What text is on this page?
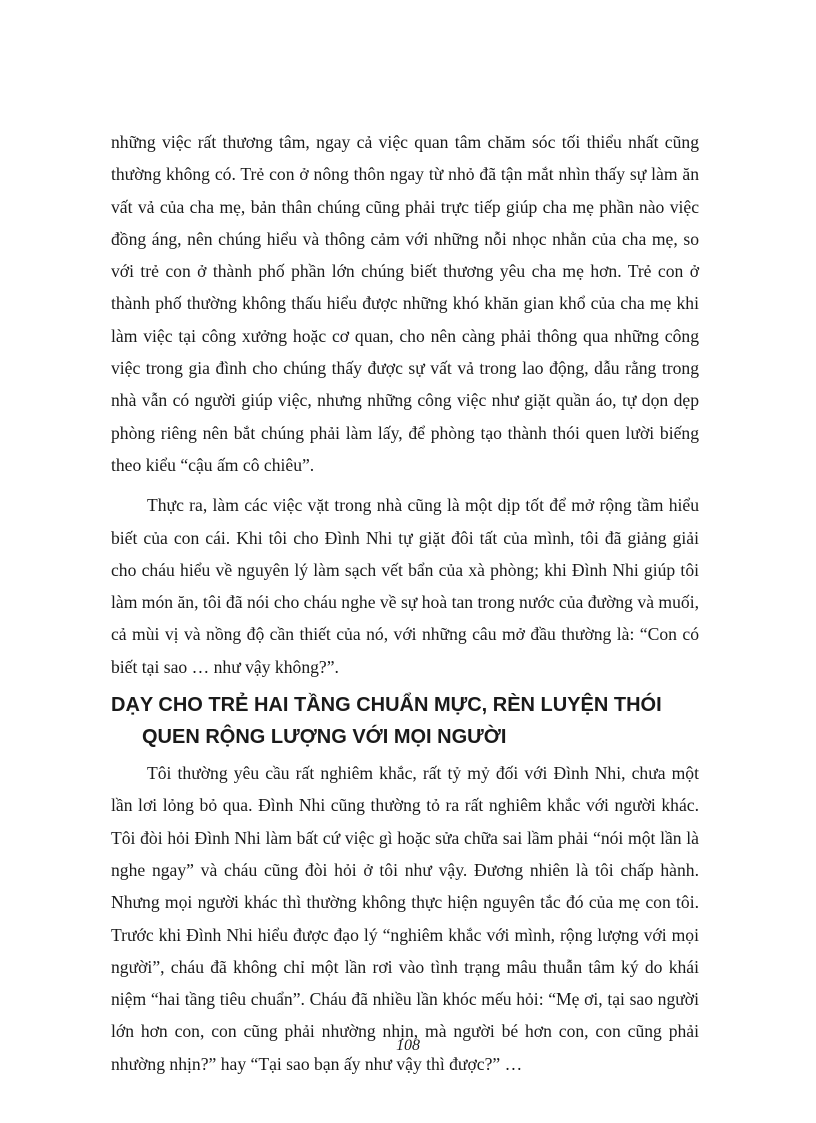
những việc rất thương tâm, ngay cả việc quan tâm chăm sóc tối thiểu nhất cũng thường không có. Trẻ con ở nông thôn ngay từ nhỏ đã tận mắt nhìn thấy sự làm ăn vất vả của cha mẹ, bản thân chúng cũng phải trực tiếp giúp cha mẹ phần nào việc đồng áng, nên chúng hiểu và thông cảm với những nỗi nhọc nhằn của cha mẹ, so với trẻ con ở thành phố phần lớn chúng biết thương yêu cha mẹ hơn. Trẻ con ở thành phố thường không thấu hiểu được những khó khăn gian khổ của cha mẹ khi làm việc tại công xưởng hoặc cơ quan, cho nên càng phải thông qua những công việc trong gia đình cho chúng thấy được sự vất vả trong lao động, dẫu rằng trong nhà vẫn có người giúp việc, nhưng những công việc như giặt quần áo, tự dọn dẹp phòng riêng nên bắt chúng phải làm lấy, để phòng tạo thành thói quen lười biếng theo kiểu “cậu ấm cô chiêu”.

Thực ra, làm các việc vặt trong nhà cũng là một dịp tốt để mở rộng tầm hiểu biết của con cái. Khi tôi cho Đình Nhi tự giặt đôi tất của mình, tôi đã giảng giải cho cháu hiểu về nguyên lý làm sạch vết bẩn của xà phòng; khi Đình Nhi giúp tôi làm món ăn, tôi đã nói cho cháu nghe về sự hoà tan trong nước của đường và muối, cả mùi vị và nồng độ cần thiết của nó, với những câu mở đầu thường là: “Con có biết tại sao … như vậy không?”.

DẠY CHO TRẺ HAI TẦNG CHUẨN MỰC, RÈN LUYỆN THÓI
QUEN RỘNG LƯỢNG VỚI MỌI NGƯỜI

Tôi thường yêu cầu rất nghiêm khắc, rất tỷ mỷ đối với Đình Nhi, chưa một lần lơi lỏng bỏ qua. Đình Nhi cũng thường tỏ ra rất nghiêm khắc với người khác. Tôi đòi hỏi Đình Nhi làm bất cứ việc gì hoặc sửa chữa sai lầm phải “nói một lần là nghe ngay” và cháu cũng đòi hỏi ở tôi như vậy. Đương nhiên là tôi chấp hành. Nhưng mọi người khác thì thường không thực hiện nguyên tắc đó của mẹ con tôi. Trước khi Đình Nhi hiểu được đạo lý “nghiêm khắc với mình, rộng lượng với mọi người”, cháu đã không chỉ một lần rơi vào tình trạng mâu thuẫn tâm ký do khái niệm “hai tầng tiêu chuẩn”. Cháu đã nhiều lần khóc mếu hỏi: “Mẹ ơi, tại sao người lớn hơn con, con cũng phải nhường nhịn, mà người bé hơn con, con cũng phải nhường nhịn?” hay “Tại sao bạn ấy như vậy thì được?” …

108
